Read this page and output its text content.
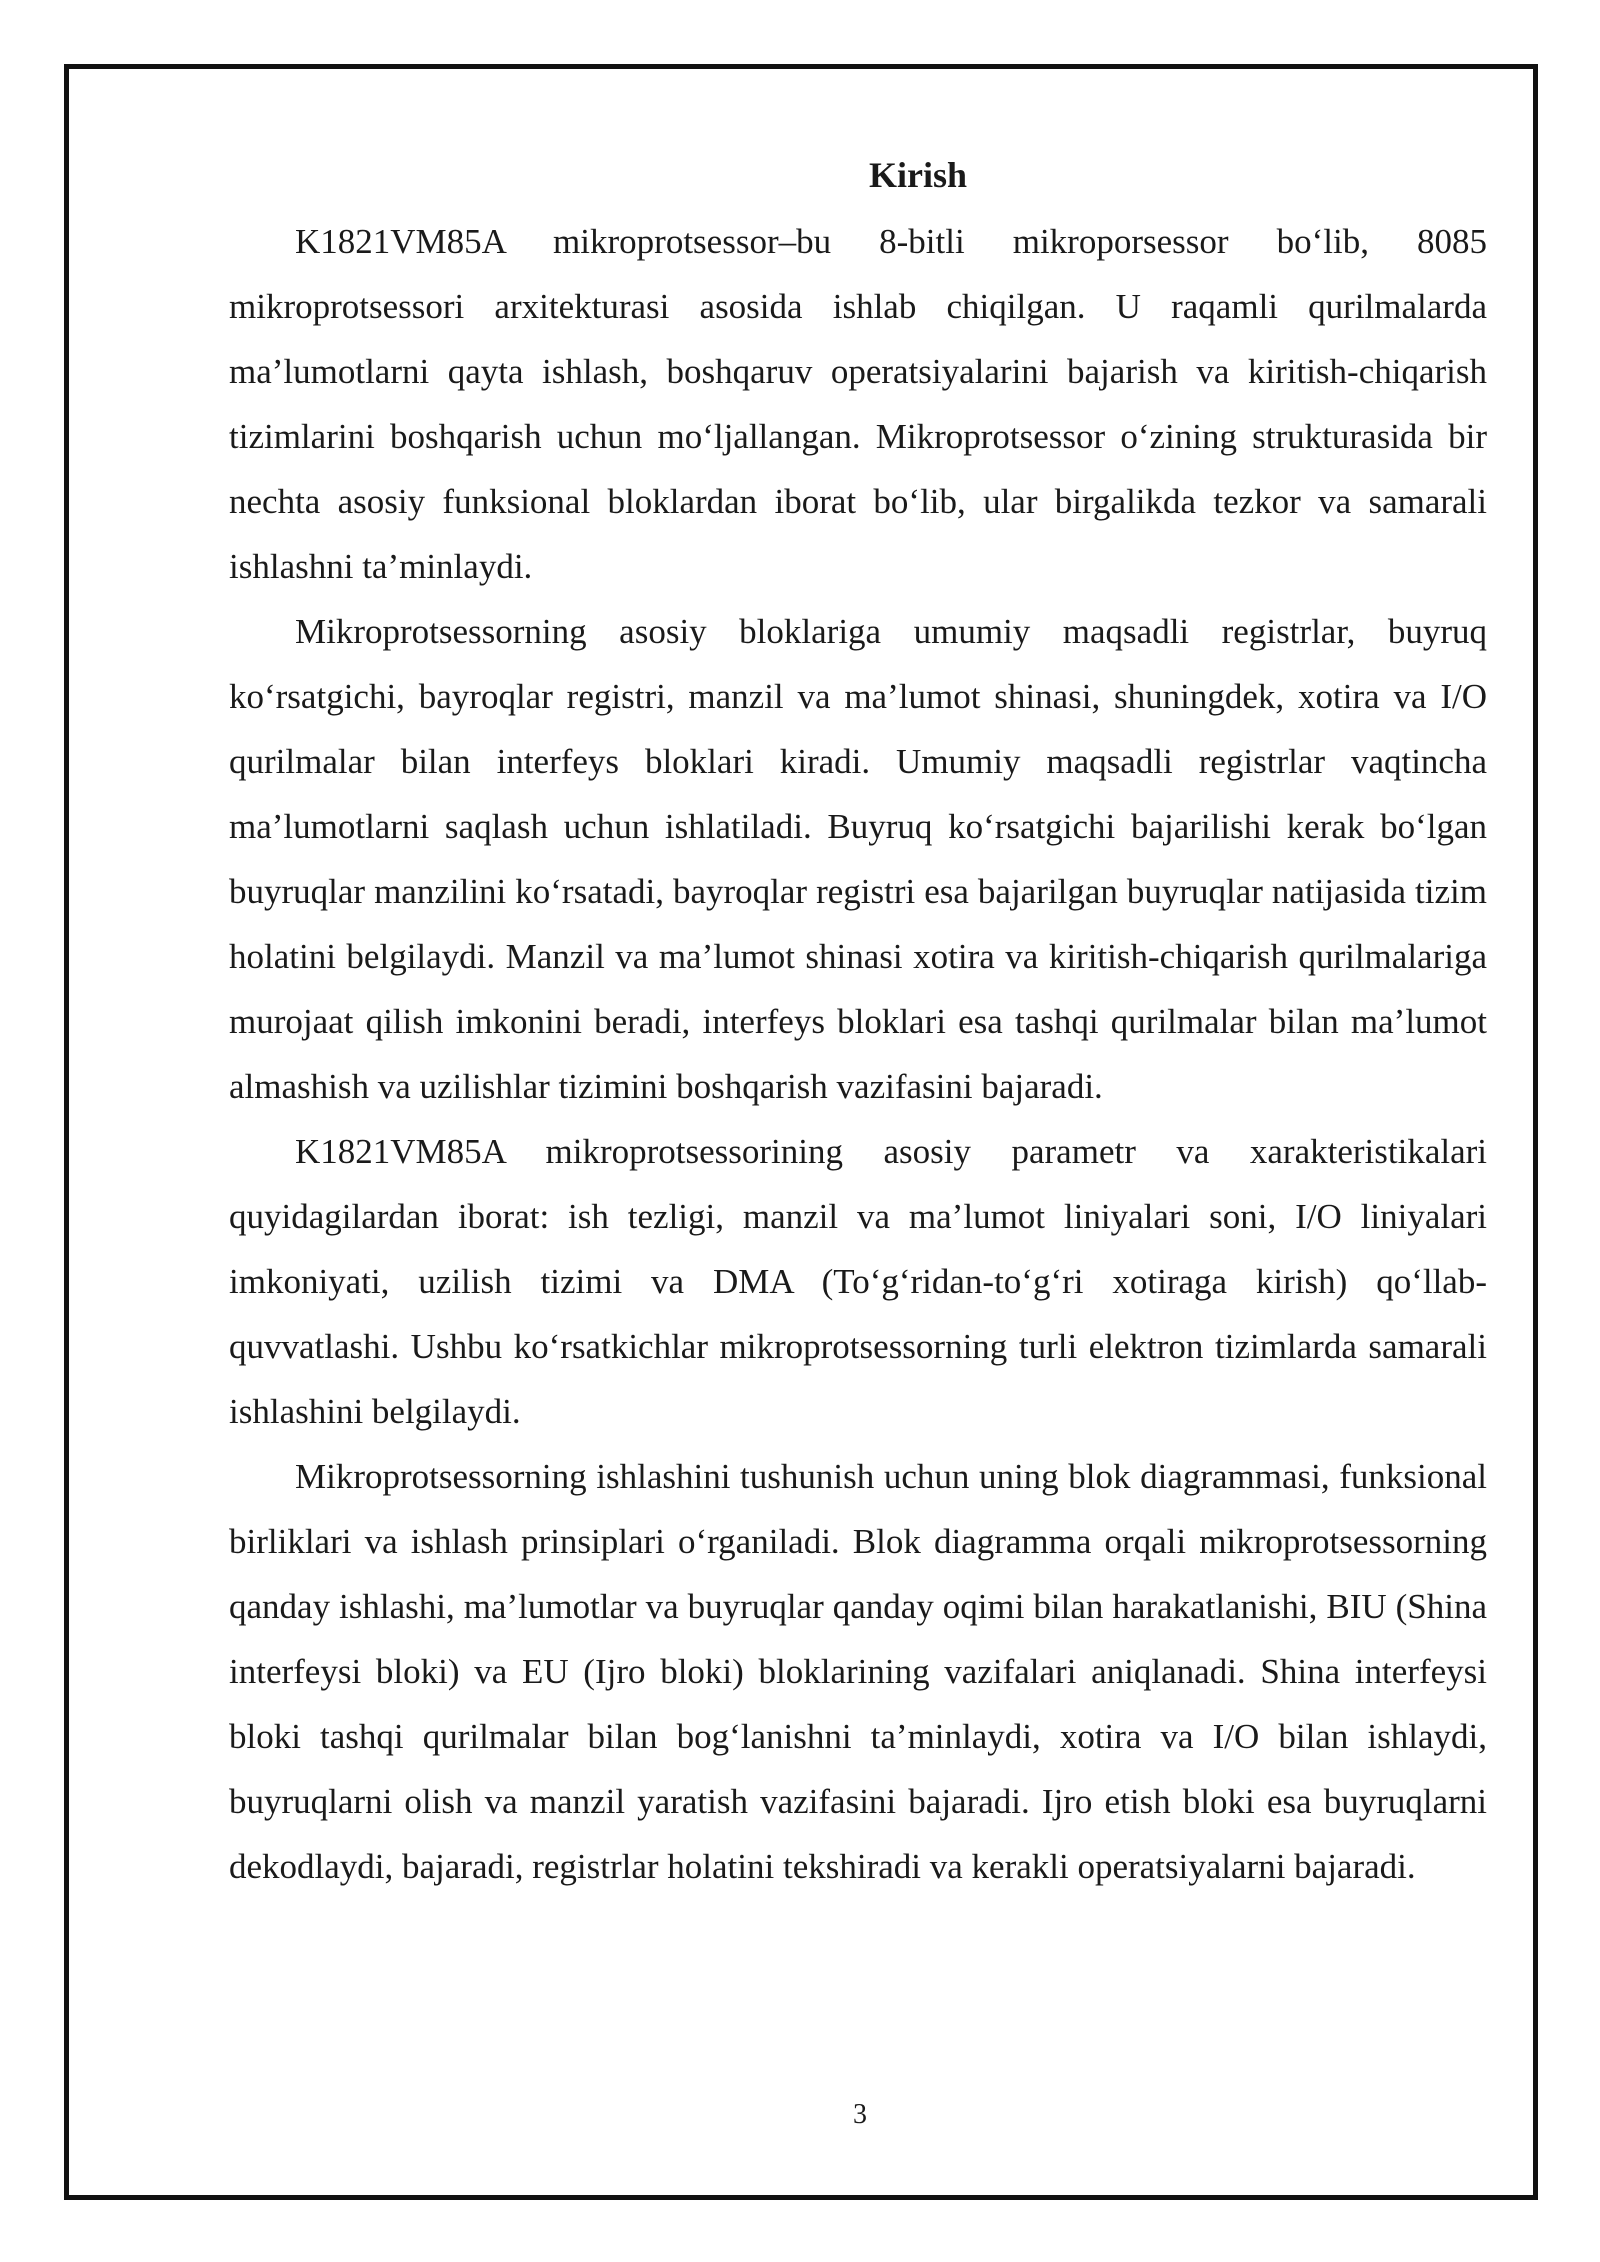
Kirish

K1821VM85A mikroprotsessor–bu 8-bitli mikroporsessor bo‘lib, 8085 mikroprotsessori arxitekturasi asosida ishlab chiqilgan. U raqamli qurilmalarda ma’lumotlarni qayta ishlash, boshqaruv operatsiyalarini bajarish va kiritish-chiqarish tizimlarini boshqarish uchun mo‘ljallangan. Mikroprotsessor o‘zining strukturasida bir nechta asosiy funksional bloklardan iborat bo‘lib, ular birgalikda tezkor va samarali ishlashni ta’minlaydi.

Mikroprotsessorning asosiy bloklariga umumiy maqsadli registrlar, buyruq ko‘rsatgichi, bayroqlar registri, manzil va ma’lumot shinasi, shuningdek, xotira va I/O qurilmalar bilan interfeys bloklari kiradi. Umumiy maqsadli registrlar vaqtincha ma’lumotlarni saqlash uchun ishlatiladi. Buyruq ko‘rsatgichi bajarilishi kerak bo‘lgan buyruqlar manzilini ko‘rsatadi, bayroqlar registri esa bajarilgan buyruqlar natijasida tizim holatini belgilaydi. Manzil va ma’lumot shinasi xotira va kiritish-chiqarish qurilmalariga murojaat qilish imkonini beradi, interfeys bloklari esa tashqi qurilmalar bilan ma’lumot almashish va uzilishlar tizimini boshqarish vazifasini bajaradi.

K1821VM85A mikroprotsessorining asosiy parametr va xarakteristikalari quyidagilardan iborat: ish tezligi, manzil va ma’lumot liniyalari soni, I/O liniyalari imkoniyati, uzilish tizimi va DMA (To‘g‘ridan-to‘g‘ri xotiraga kirish) qo‘llab-quvvatlashi. Ushbu ko‘rsatkichlar mikroprotsessorning turli elektron tizimlarda samarali ishlashini belgilaydi.

Mikroprotsessorning ishlashini tushunish uchun uning blok diagrammasi, funksional birliklari va ishlash prinsiplari o‘rganiladi. Blok diagramma orqali mikroprotsessorning qanday ishlashi, ma’lumotlar va buyruqlar qanday oqimi bilan harakatlanishi, BIU (Shina interfeysi bloki) va EU (Ijro bloki) bloklarining vazifalari aniqlanadi. Shina interfeysi bloki tashqi qurilmalar bilan bog‘lanishni ta’minlaydi, xotira va I/O bilan ishlaydi, buyruqlarni olish va manzil yaratish vazifasini bajaradi. Ijro etish bloki esa buyruqlarni dekodlaydi, bajaradi, registrlar holatini tekshiradi va kerakli operatsiyalarni bajaradi.

3
